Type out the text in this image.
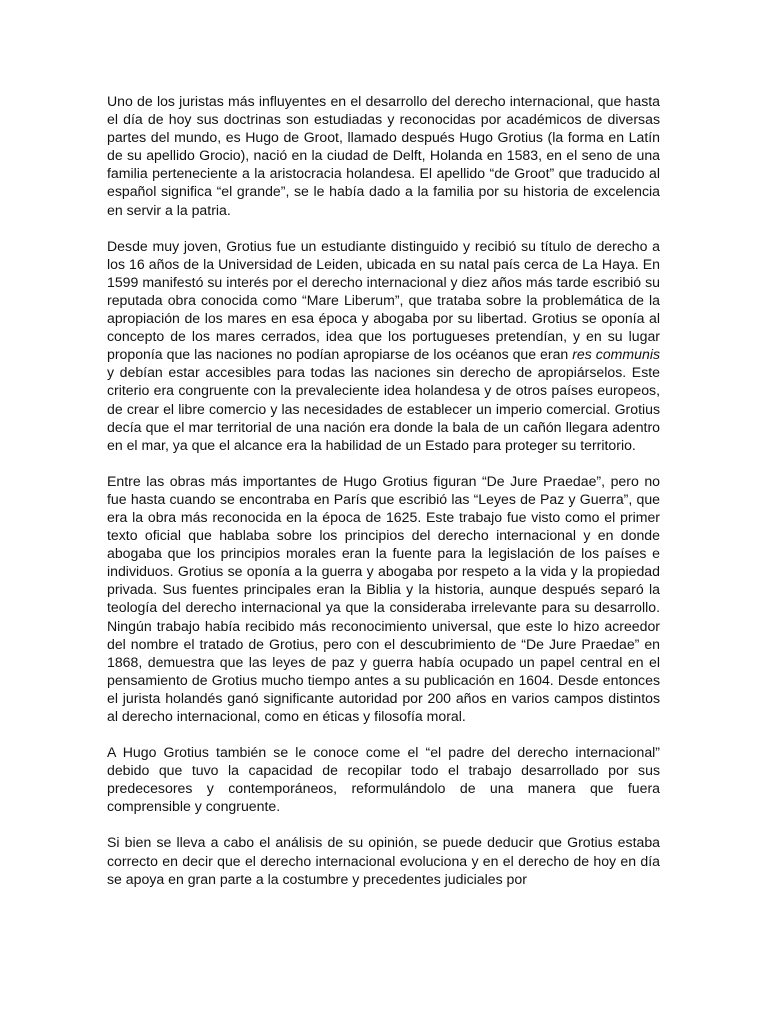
Uno de los juristas más influyentes en el desarrollo del derecho internacional, que hasta el día de hoy sus doctrinas son estudiadas y reconocidas por académicos de diversas partes del mundo, es Hugo de Groot, llamado después Hugo Grotius (la forma en Latín de su apellido Grocio), nació en la ciudad de Delft, Holanda en 1583, en el seno de una familia perteneciente a la aristocracia holandesa. El apellido “de Groot” que traducido al español significa “el grande”, se le había dado a la familia por su historia de excelencia en servir a la patria.

Desde muy joven, Grotius fue un estudiante distinguido y recibió su título de derecho a los 16 años de la Universidad de Leiden, ubicada en su natal país cerca de La Haya. En 1599 manifestó su interés por el derecho internacional y diez años más tarde escribió su reputada obra conocida como “Mare Liberum”, que trataba sobre la problemática de la apropiación de los mares en esa época y abogaba por su libertad. Grotius se oponía al concepto de los mares cerrados, idea que los portugueses pretendían, y en su lugar proponía que las naciones no podían apropiarse de los océanos que eran res communis y debían estar accesibles para todas las naciones sin derecho de apropiárselos. Este criterio era congruente con la prevaleciente idea holandesa y de otros países europeos, de crear el libre comercio y las necesidades de establecer un imperio comercial. Grotius decía que el mar territorial de una nación era donde la bala de un cañón llegara adentro en el mar, ya que el alcance era la habilidad de un Estado para proteger su territorio.

Entre las obras más importantes de Hugo Grotius figuran “De Jure Praedae”, pero no fue hasta cuando se encontraba en París que escribió las “Leyes de Paz y Guerra”, que era la obra más reconocida en la época de 1625. Este trabajo fue visto como el primer texto oficial que hablaba sobre los principios del derecho internacional y en donde abogaba que los principios morales eran la fuente para la legislación de los países e individuos. Grotius se oponía a la guerra y abogaba por respeto a la vida y la propiedad privada. Sus fuentes principales eran la Biblia y la historia, aunque después separó la teología del derecho internacional ya que la consideraba irrelevante para su desarrollo. Ningún trabajo había recibido más reconocimiento universal, que este lo hizo acreedor del nombre el tratado de Grotius, pero con el descubrimiento de “De Jure Praedae” en 1868, demuestra que las leyes de paz y guerra había ocupado un papel central en el pensamiento de Grotius mucho tiempo antes a su publicación en 1604. Desde entonces el jurista holandés ganó significante autoridad por 200 años en varios campos distintos al derecho internacional, como en éticas y filosofía moral.

A Hugo Grotius también se le conoce come el “el padre del derecho internacional” debido que tuvo la capacidad de recopilar todo el trabajo desarrollado por sus predecesores y contemporáneos, reformulándolo de una manera que fuera comprensible y congruente.

Si bien se lleva a cabo el análisis de su opinión, se puede deducir que Grotius estaba correcto en decir que el derecho internacional evoluciona y en el derecho de hoy en día se apoya en gran parte a la costumbre y precedentes judiciales por
